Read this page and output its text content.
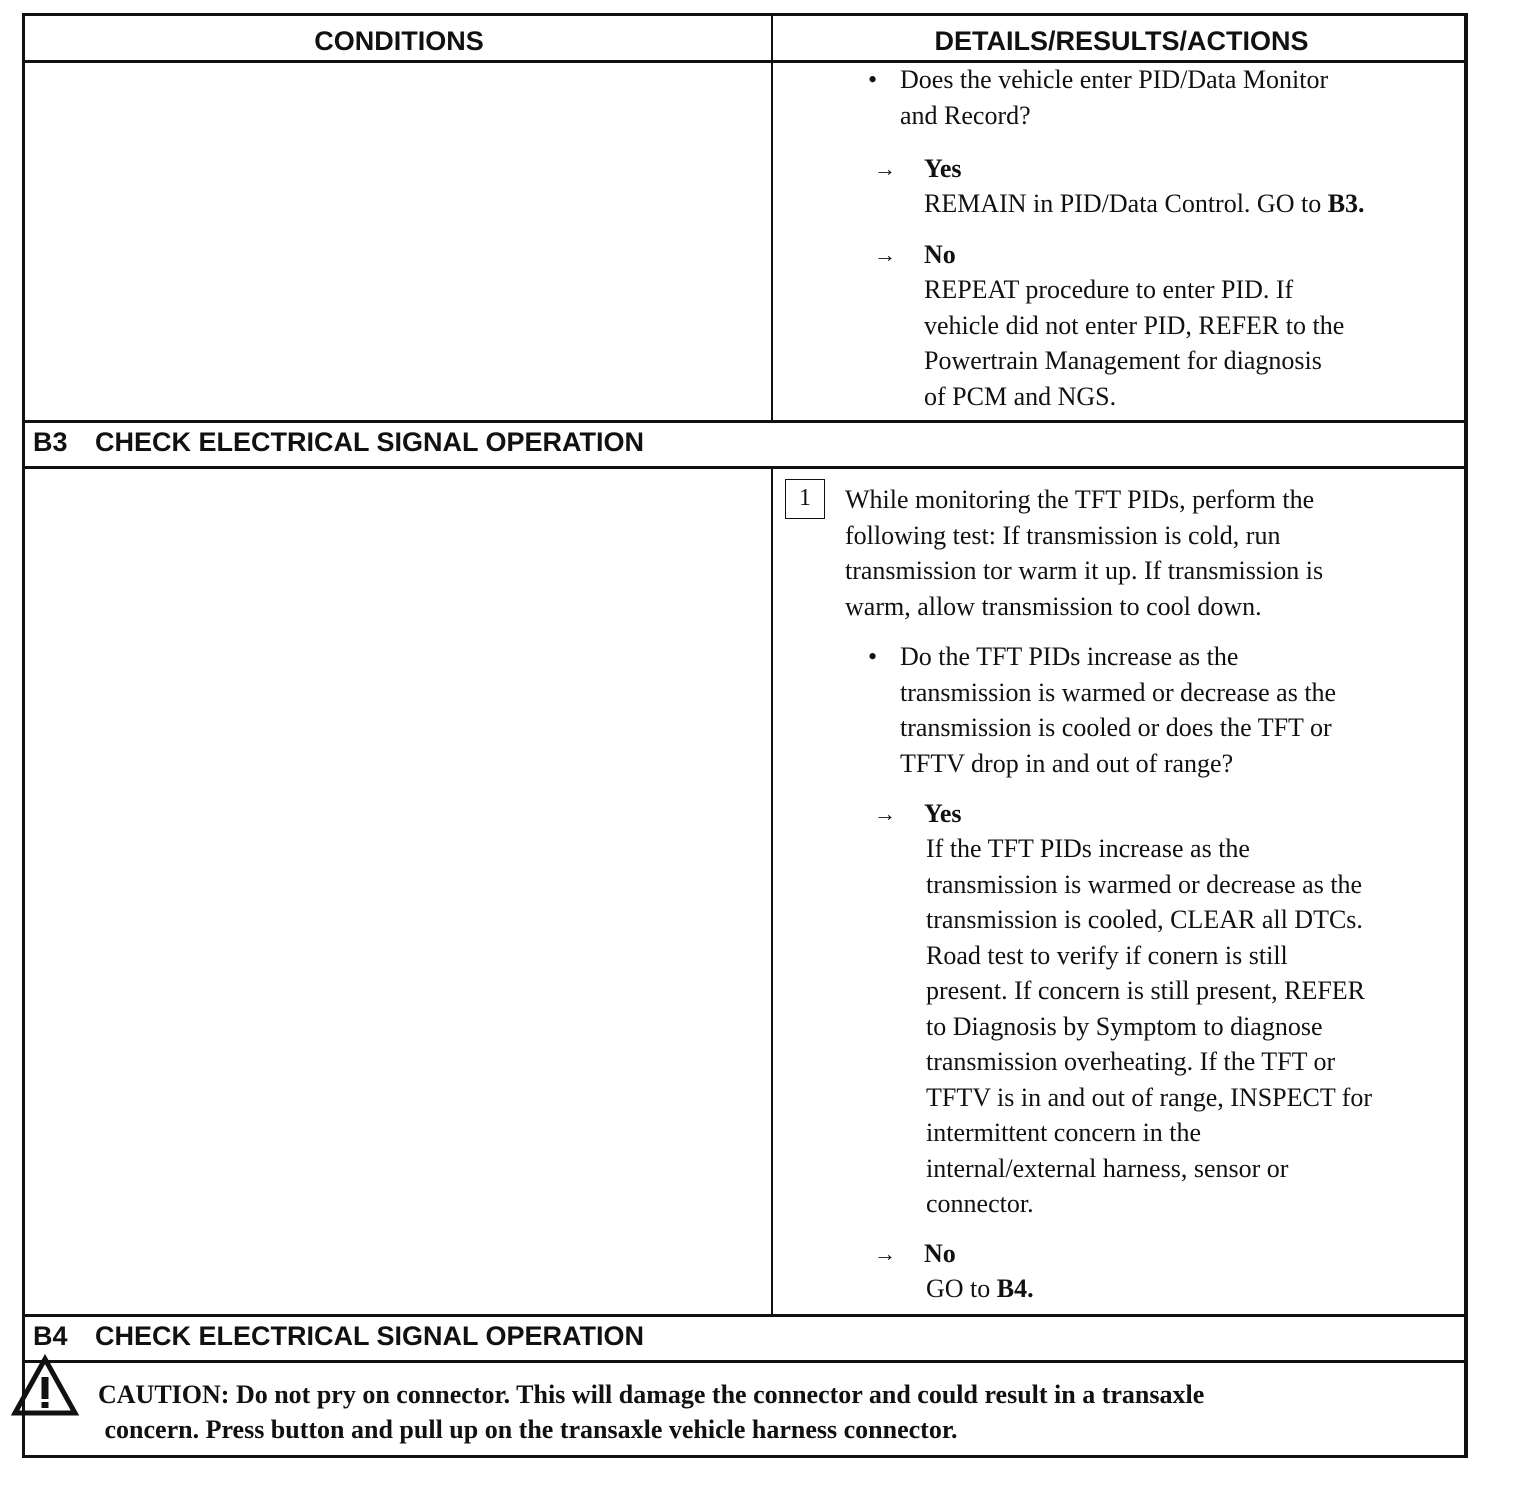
CONDITIONS	DETAILS/RESULTS/ACTIONS
B3 CHECK ELECTRICAL SIGNAL OPERATION
B4 CHECK ELECTRICAL SIGNAL OPERATION
• Does the vehicle enter PID/Data Monitor
and Record?
→ Yes
REMAIN in PID/Data Control. GO to B3.
→ No
REPEAT procedure to enter PID. If
vehicle did not enter PID, REFER to the
Powertrain Management for diagnosis
of PCM and NGS.
1	While monitoring the TFT PIDs, perform the
following test: If transmission is cold, run
transmission tor warm it up. If transmission is
warm, allow transmission to cool down.
• Do the TFT PIDs increase as the
transmission is warmed or decrease as the
transmission is cooled or does the TFT or
TFTV drop in and out of range?
→ Yes
If the TFT PIDs increase as the
transmission is warmed or decrease as the
transmission is cooled, CLEAR all DTCs.
Road test to verify if conern is still
present. If concern is still present, REFER
to Diagnosis by Symptom to diagnose
transmission overheating. If the TFT or
TFTV is in and out of range, INSPECT for
intermittent concern in the
internal/external harness, sensor or
connector.
→ No
GO to B4.
CAUTION: Do not pry on connector. This will damage the connector and could result in a transaxle
concern. Press button and pull up on the transaxle vehicle harness connector.
